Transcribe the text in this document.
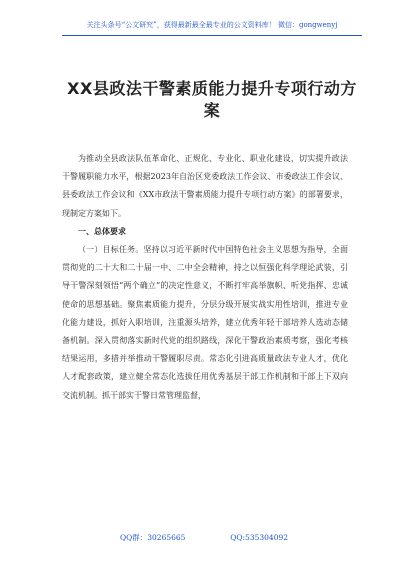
关注头条号“公文研究”，获得最新最全最专业的公文资料库！ 微信：gongwenyj
XX县政法干警素质能力提升专项行动方案

为推动全县政法队伍革命化、正规化、专业化、职业化建设，切实提升政法干警履职能力水平，根据2023年自治区党委政法工作会议、市委政法工作会议、县委政法工作会议和《XX市政法干警素质能力提升专项行动方案》的部署要求，现制定方案如下。

一、总体要求

（一）目标任务。坚持以习近平新时代中国特色社会主义思想为指导，全面贯彻党的二十大和二十届一中、二中全会精神，持之以恒强化科学理论武装，引导干警深刻领悟“两个确立”的决定性意义，不断打牢高举旗帜、听党指挥、忠诚使命的思想基础。聚焦素质能力提升，分层分级开展实战实用性培训，推进专业化能力建设，抓好入职培训，注重源头培养，建立优秀年轻干部培养人选动态储备机制。深入贯彻落实新时代党的组织路线，深化干警政治素质考察，强化考核结果运用，多措并举推动干警履职尽责。常态化引进高质量政法专业人才，优化人才配套政策，建立健全常态化选拔任用优秀基层干部工作机制和干部上下双向交流机制。抓干部实干警日常管理监督，

QQ群：30265665	QQ:535304092
